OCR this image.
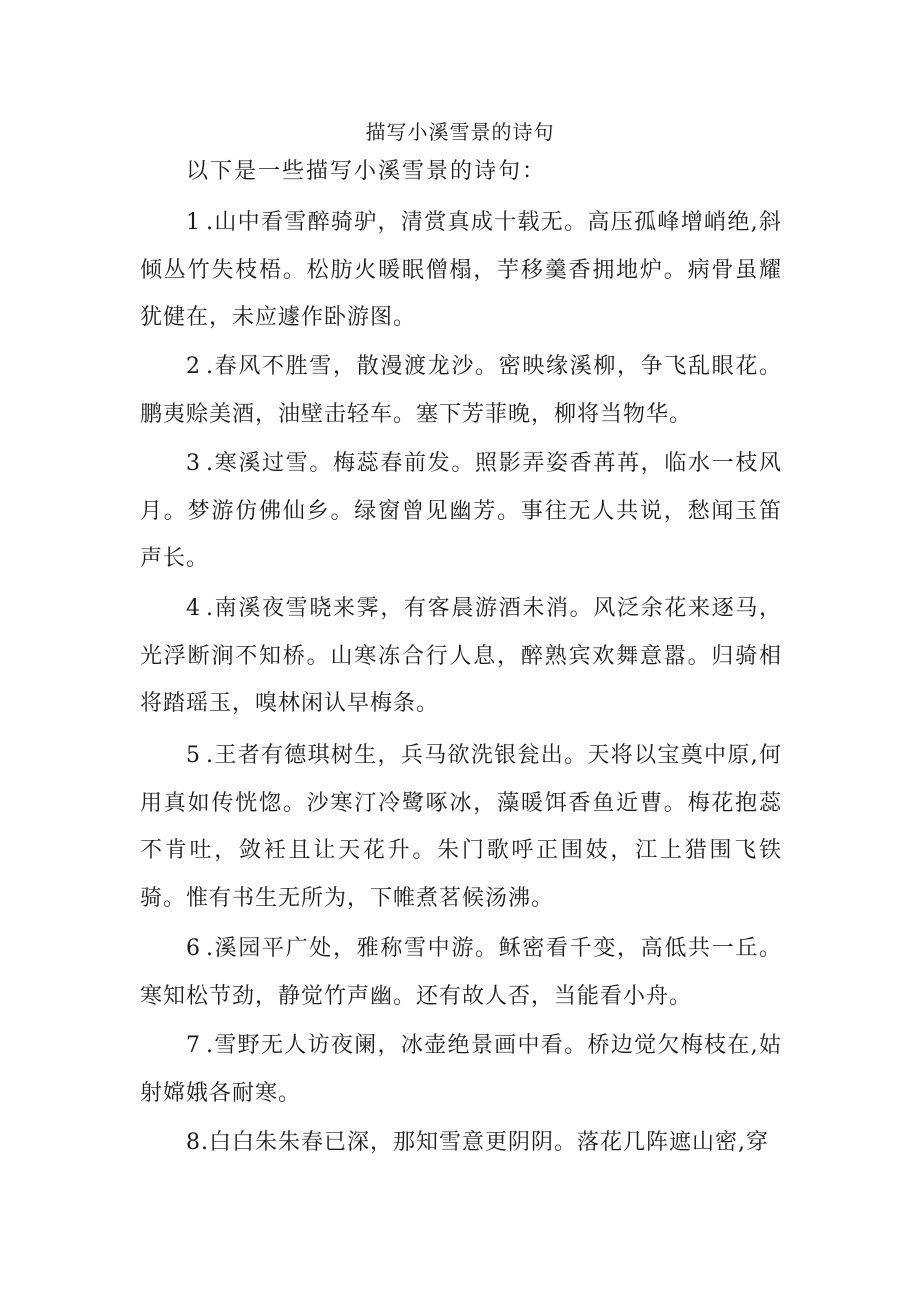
描写小溪雪景的诗句
以下是一些描写小溪雪景的诗句：
1.山中看雪醉骑驴，清赏真成十载无。高压孤峰增峭绝,斜倾丛竹失枝梧。松肪火暖眠僧榻，芋移羹香拥地炉。病骨虽耀犹健在，未应遽作卧游图。
2.春风不胜雪，散漫渡龙沙。密映缘溪柳，争飞乱眼花。鹏夷赊美酒，油壁击轻车。塞下芳菲晚，柳将当物华。
3.寒溪过雪。梅蕊春前发。照影弄姿香苒苒，临水一枝风月。梦游仿佛仙乡。绿窗曾见幽芳。事往无人共说，愁闻玉笛声长。
4.南溪夜雪晓来霁，有客晨游酒未消。风泛余花来逐马，光浮断涧不知桥。山寒冻合行人息，醉熟宾欢舞意嚣。归骑相将踏瑶玉，嗅林闲认早梅条。
5.王者有德琪树生，兵马欲洗银瓮出。天将以宝奠中原,何用真如传恍惚。沙寒汀冷鹭啄冰，藻暖饵香鱼近曹。梅花抱蕊不肯吐，敛衽且让天花升。朱门歌呼正围妓，江上猎围飞铁骑。惟有书生无所为，下帷煮茗候汤沸。
6.溪园平广处，雅称雪中游。稣密看千变，高低共一丘。寒知松节劲，静觉竹声幽。还有故人否，当能看小舟。
7.雪野无人访夜阑，冰壶绝景画中看。桥边觉欠梅枝在,姑射嫦娥各耐寒。
8.白白朱朱春已深，那知雪意更阴阴。落花几阵遮山密,穿
